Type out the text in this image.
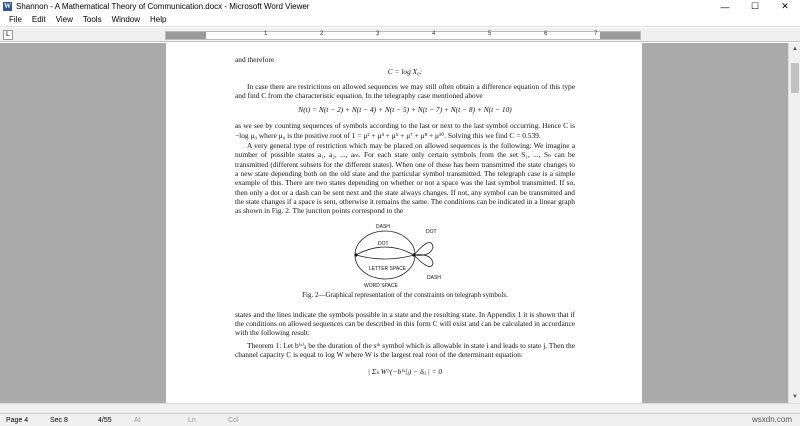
W Shannon - A Mathematical Theory of Communication.docx - Microsoft Word Viewer	—	☐	✕
File	Edit	View	Tools	Window	Help
L	1	2	3	4	5	6	7

and therefore

C = log X₀:

In case there are restrictions on allowed sequences we may still often obtain a difference equation of this type and find C from the characteristic equation. In the telegraphy case mentioned above

N(t) = N(t − 2) + N(t − 4) + N(t − 5) + N(t − 7) + N(t − 8) + N(t − 10)

as we see by counting sequences of symbols according to the last or next to the last symbol occurring. Hence C is −log μ₀ where μ₀ is the positive root of 1 = μ² + μ⁴ + μ⁵ + μ⁷ + μ⁸ + μ¹⁰. Solving this we find C = 0.539.

A very general type of restriction which may be placed on allowed sequences is the following: We imagine a number of possible states a₁, a₂, ..., aₘ. For each state only certain symbols from the set S₁, ..., Sₙ can be transmitted (different subsets for the different states). When one of these has been transmitted the state changes to a new state depending both on the old state and the particular symbol transmitted. The telegraph case is a simple example of this. There are two states depending on whether or not a space was the last symbol transmitted. If so, then only a dot or a dash can be sent next and the state always changes. If not, any symbol can be transmitted and the state changes if a space is sent, otherwise it remains the same. The conditions can be indicated in a linear graph as shown in Fig. 2. The junction points correspond to the

DASH
DOT
DOT
LETTER SPACE
DASH
WORD SPACE
Fig. 2—Graphical representation of the constraints on telegraph symbols.

states and the lines indicate the symbols possible in a state and the resulting state. In Appendix 1 it is shown that if the conditions on allowed sequences can be described in this form C will exist and can be calculated in accordance with the following result:

Theorem 1: Let b⁽ˢ⁾ᵢⱼ be the duration of the sᵗʰ symbol which is allowable in state i and leads to state j. Then the channel capacity C is equal to log W where W is the largest real root of the determinant equation:

| Σₛ W^(−b⁽ˢ⁾ᵢⱼ) − δᵢⱼ | = 0
▲
▼
Page 4	Sec 8	4/55	At	Ln	Col	wsxdn.com
